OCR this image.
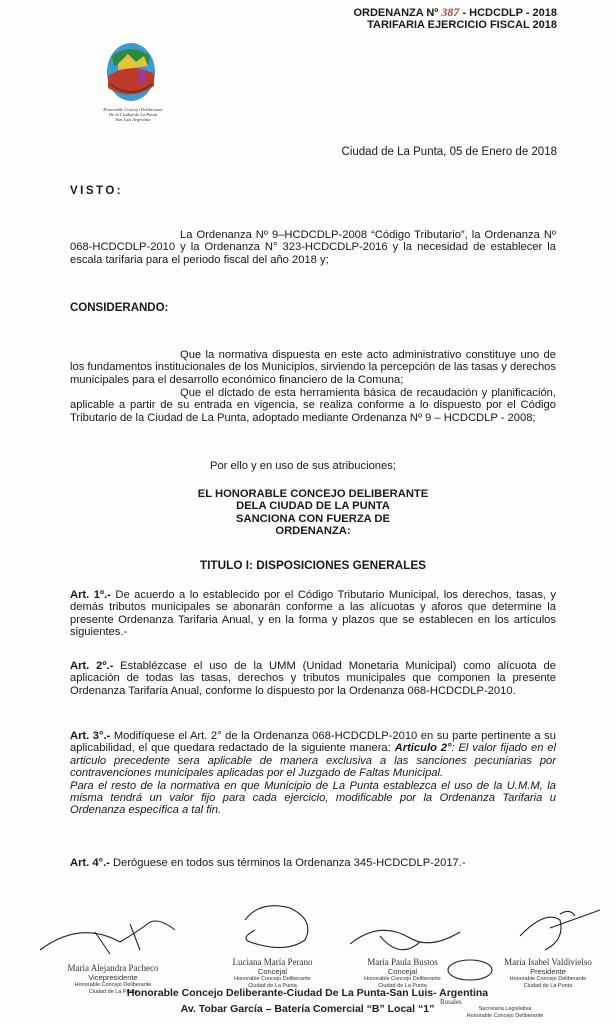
ORDENANZA Nº 387 - HCDCDLP - 2018
TARIFARIA EJERCICIO FISCAL 2018
Honorable Concejo Deliberante
De la Ciudad de La Punta
San Luis Argentina
Ciudad de La Punta, 05 de Enero de 2018
VISTO:
La Ordenanza Nº 9–HCDCDLP-2008 “Código Tributario”, la Ordenanza Nº 068-HCDCDLP-2010 y la Ordenanza N° 323-HCDCDLP-2016 y la necesidad de establecer la escala tarifaria para el periodo fiscal del año 2018 y;
CONSIDERANDO:
Que la normativa dispuesta en este acto administrativo constituye uno de los fundamentos institucionales de los Municipios, sirviendo la percepción de las tasas y derechos municipales para el desarrollo económico financiero de la Comuna;
Que el dictado de esta herramienta básica de recaudación y planificación, aplicable a partir de su entrada en vigencia, se realiza conforme a lo dispuesto por el Código Tributario de la Ciudad de La Punta, adoptado mediante Ordenanza Nº 9 – HCDCDLP - 2008;
Por ello y en uso de sus atribuciones;
EL HONORABLE CONCEJO DELIBERANTE
DELA CIUDAD DE LA PUNTA
SANCIONA CON FUERZA DE
ORDENANZA:
TITULO I: DISPOSICIONES GENERALES
Art. 1º.- De acuerdo a lo establecido por el Código Tributario Municipal, los derechos, tasas, y demás tributos municipales se abonarán conforme a las alícuotas y aforos que determine la presente Ordenanza Tarifaria Anual, y en la forma y plazos que se establecen en los artículos siguientes.-
Art. 2º.- Establézcase el uso de la UMM (Unidad Monetaria Municipal) como alícuota de aplicación de todas las tasas, derechos y tributos municipales que componen la presente Ordenanza Tarifaria Anual, conforme lo dispuesto por la Ordenanza 068-HCDCDLP-2010.
Art. 3°.- Modifíquese el Art. 2° de la Ordenanza 068-HCDCDLP-2010 en su parte pertinente a su aplicabilidad, el que quedara redactado de la siguiente manera: Articulo 2°: El valor fijado en el articulo precedente sera aplicable de manera exclusiva a las sanciones pecuniarias por contravenciones municipales aplicadas por el Juzgado de Faltas Municipal.
Para el resto de la normativa en que Municipio de La Punta establezca el uso de la U.M.M, la misma tendrá un valor fijo para cada ejercicio, modificable por la Ordenanza Tarifaria u Ordenanza específica a tal fin.
Art. 4°.- Deróguese en todos sus términos la Ordenanza 345-HCDCDLP-2017.-
María Alejandra Pacheco
Vicepresidente
Honorable Concejo Deliberante
Ciudad de La Punta
Luciana María Perano
Concejal
Honorable Concejo Deliberante
Ciudad de La Punta
María Paula Bustos
Concejal
Honorable Concejo Deliberante
Ciudad de La Punta
María Isabel Valdivielso
Presidente
Honorable Concejo Deliberante
Ciudad de La Punta
Honorable Concejo Deliberante-Ciudad De La Punta-San Luis- Argentina
Av. Tobar García – Batería Comercial “B” Local “1”
Rosales
Secretaria Legislativa
Honorable Concejo Deliberante
